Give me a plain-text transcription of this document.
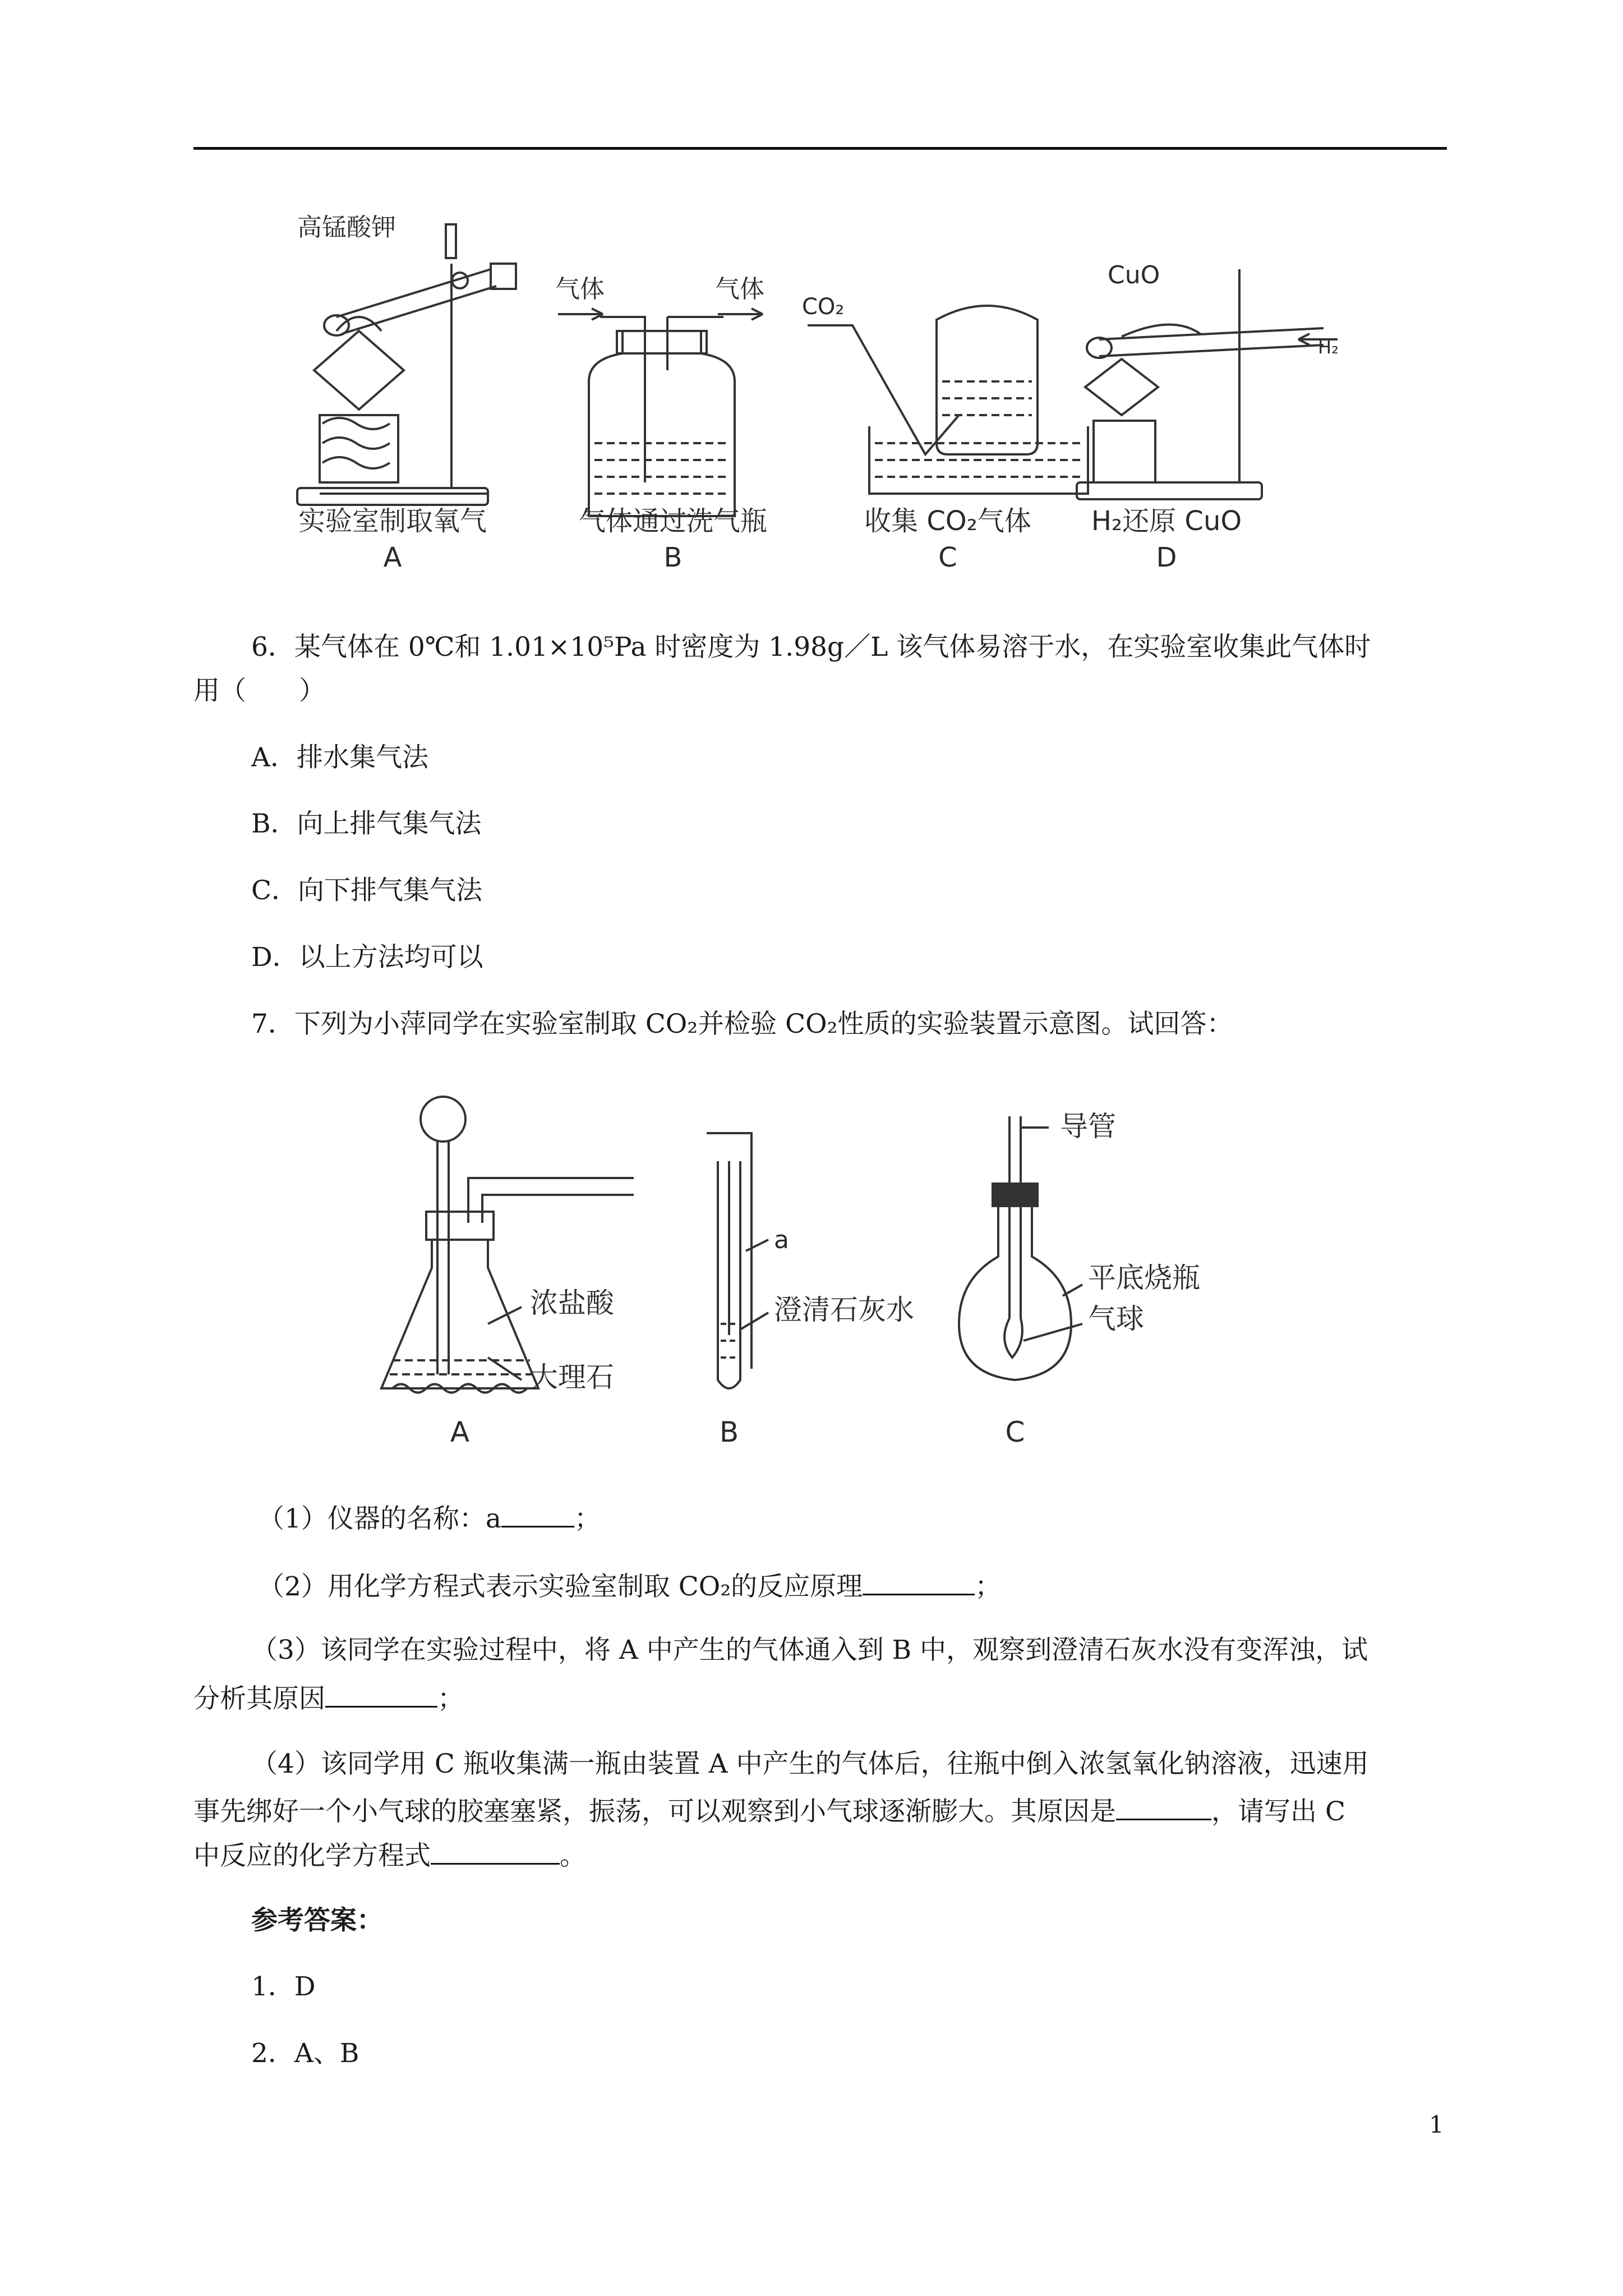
高锰酸钾
气体	气体
CO₂
CuO
H₂
实验室制取氧气
A
气体通过洗气瓶
B
收集 CO₂气体
C
H₂还原 CuO
D
6．某气体在 0℃和 1.01×10⁵Pa 时密度为 1.98g／L 该气体易溶于水，在实验室收集此气体时
用（　　）
A．排水集气法
B．向上排气集气法
C．向下排气集气法
D．以上方法均可以
7．下列为小萍同学在实验室制取 CO₂并检验 CO₂性质的实验装置示意图。试回答：
导管
a
澄清石灰水
浓盐酸
大理石
平底烧瓶
气球
A	B	C
（1）仪器的名称：a	；
（2）用化学方程式表示实验室制取 CO₂的反应原理	；
（3）该同学在实验过程中，将 A 中产生的气体通入到 B 中，观察到澄清石灰水没有变浑浊，试
分析其原因	；
（4）该同学用 C 瓶收集满一瓶由装置 A 中产生的气体后，往瓶中倒入浓氢氧化钠溶液，迅速用
事先绑好一个小气球的胶塞塞紧，振荡，可以观察到小气球逐渐膨大。其原因是	，请写出 C
中反应的化学方程式	。
参考答案：
1．D
2．A、B
1
